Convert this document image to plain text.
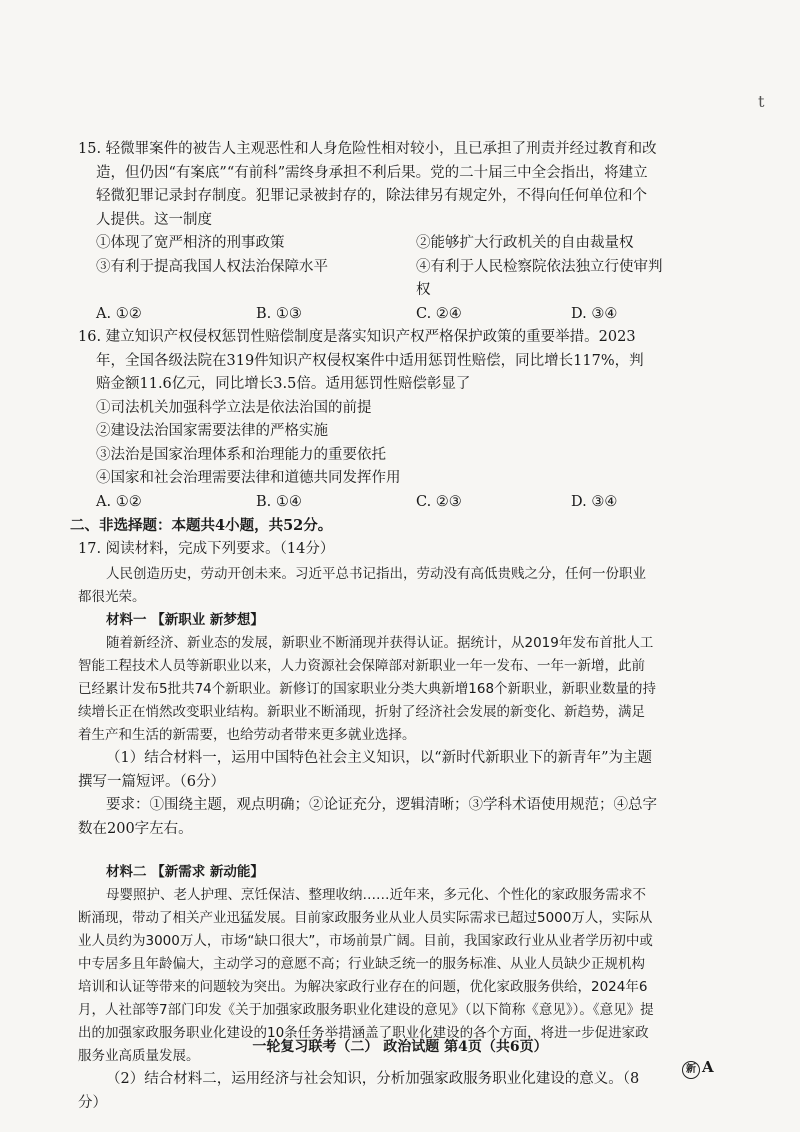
t

15. 轻微罪案件的被告人主观恶性和人身危险性相对较小，且已承担了刑责并经过教育和改造，但仍因“有案底”“有前科”需终身承担不利后果。党的二十届三中全会指出，将建立轻微犯罪记录封存制度。犯罪记录被封存的，除法律另有规定外，不得向任何单位和个人提供。这一制度

①体现了宽严相济的刑事政策	②能够扩大行政机关的自由裁量权
③有利于提高我国人权法治保障水平	④有利于人民检察院依法独立行使审判权
A. ①②	B. ①③	C. ②④	D. ③④

16. 建立知识产权侵权惩罚性赔偿制度是落实知识产权严格保护政策的重要举措。2023年，全国各级法院在319件知识产权侵权案件中适用惩罚性赔偿，同比增长117%，判赔金额11.6亿元，同比增长3.5倍。适用惩罚性赔偿彰显了

①司法机关加强科学立法是依法治国的前提
②建设法治国家需要法律的严格实施
③法治是国家治理体系和治理能力的重要依托
④国家和社会治理需要法律和道德共同发挥作用
A. ①②	B. ①④	C. ②③	D. ③④
二、非选择题：本题共4小题，共52分。

17. 阅读材料，完成下列要求。（14分）

人民创造历史，劳动开创未来。习近平总书记指出，劳动没有高低贵贱之分，任何一份职业都很光荣。
材料一 【新职业 新梦想】
随着新经济、新业态的发展，新职业不断涌现并获得认证。据统计，从2019年发布首批人工智能工程技术人员等新职业以来，人力资源社会保障部对新职业一年一发布、一年一新增，此前已经累计发布5批共74个新职业。新修订的国家职业分类大典新增168个新职业，新职业数量的持续增长正在悄然改变职业结构。新职业不断涌现，折射了经济社会发展的新变化、新趋势，满足着生产和生活的新需要，也给劳动者带来更多就业选择。
（1）结合材料一，运用中国特色社会主义知识，以“新时代新职业下的新青年”为主题撰写一篇短评。（6分）
要求：①围绕主题，观点明确；②论证充分，逻辑清晰；③学科术语使用规范；④总字数在200字左右。
材料二 【新需求 新动能】
母婴照护、老人护理、烹饪保洁、整理收纳……近年来，多元化、个性化的家政服务需求不断涌现，带动了相关产业迅猛发展。目前家政服务业从业人员实际需求已超过5000万人，实际从业人员约为3000万人，市场“缺口很大”，市场前景广阔。目前，我国家政行业从业者学历初中或中专居多且年龄偏大，主动学习的意愿不高；行业缺乏统一的服务标准、从业人员缺少正规机构培训和认证等带来的问题较为突出。为解决家政行业存在的问题，优化家政服务供给，2024年6月，人社部等7部门印发《关于加强家政服务职业化建设的意见》（以下简称《意见》）。《意见》提出的加强家政服务职业化建设的10条任务举措涵盖了职业化建设的各个方面，将进一步促进家政服务业高质量发展。
（2）结合材料二，运用经济与社会知识，分析加强家政服务职业化建设的意义。（8分）
一轮复习联考（二） 政治试题 第4页（共6页）
新 A
